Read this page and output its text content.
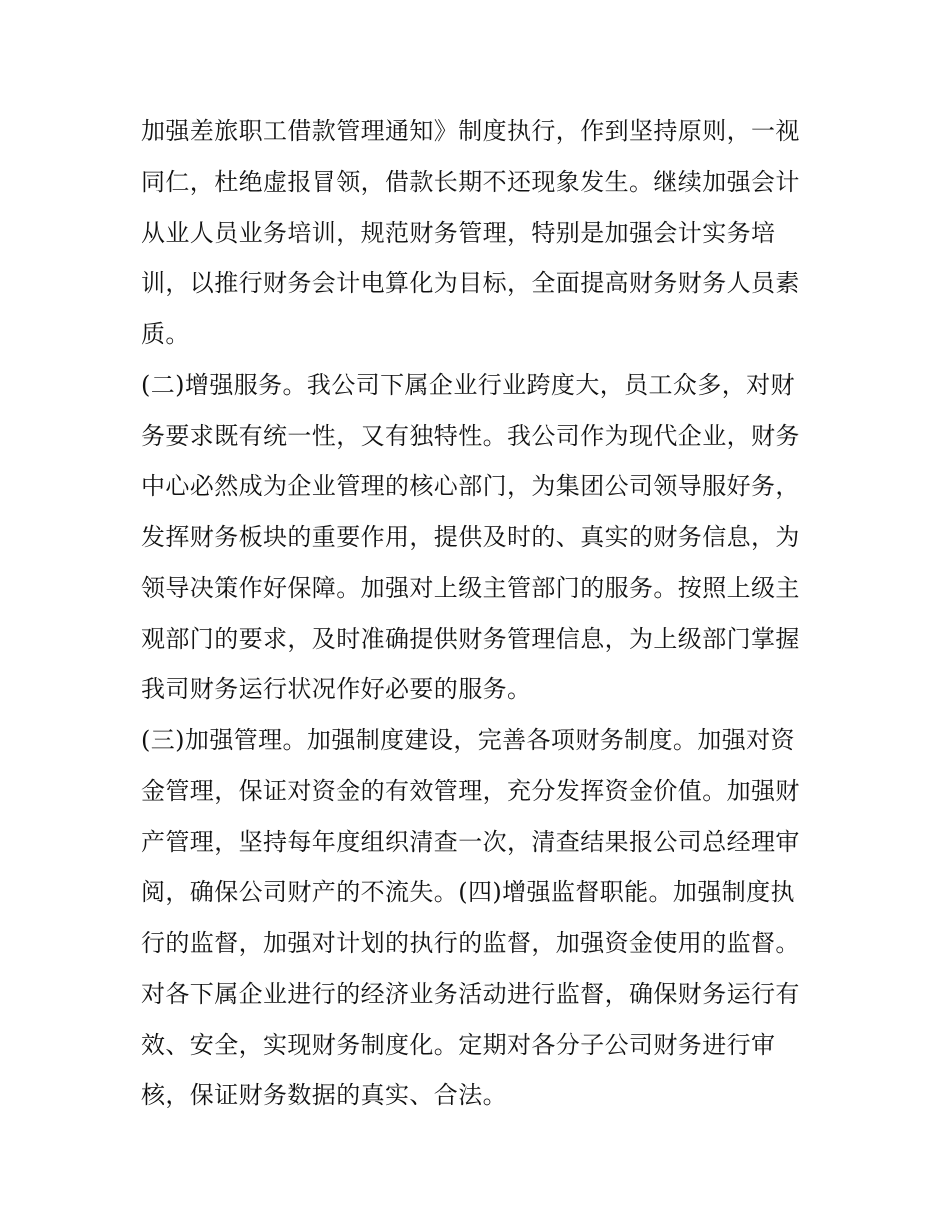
加强差旅职工借款管理通知》制度执行，作到坚持原则，一视
同仁，杜绝虚报冒领，借款长期不还现象发生。继续加强会计
从业人员业务培训，规范财务管理，特别是加强会计实务培
训，以推行财务会计电算化为目标，全面提高财务财务人员素
质。
(二)增强服务。我公司下属企业行业跨度大，员工众多，对财
务要求既有统一性，又有独特性。我公司作为现代企业，财务
中心必然成为企业管理的核心部门，为集团公司领导服好务，
发挥财务板块的重要作用，提供及时的、真实的财务信息，为
领导决策作好保障。加强对上级主管部门的服务。按照上级主
观部门的要求，及时准确提供财务管理信息，为上级部门掌握
我司财务运行状况作好必要的服务。
(三)加强管理。加强制度建设，完善各项财务制度。加强对资
金管理，保证对资金的有效管理，充分发挥资金价值。加强财
产管理，坚持每年度组织清查一次，清查结果报公司总经理审
阅，确保公司财产的不流失。(四)增强监督职能。加强制度执
行的监督，加强对计划的执行的监督，加强资金使用的监督。
对各下属企业进行的经济业务活动进行监督，确保财务运行有
效、安全，实现财务制度化。定期对各分子公司财务进行审
核，保证财务数据的真实、合法。
